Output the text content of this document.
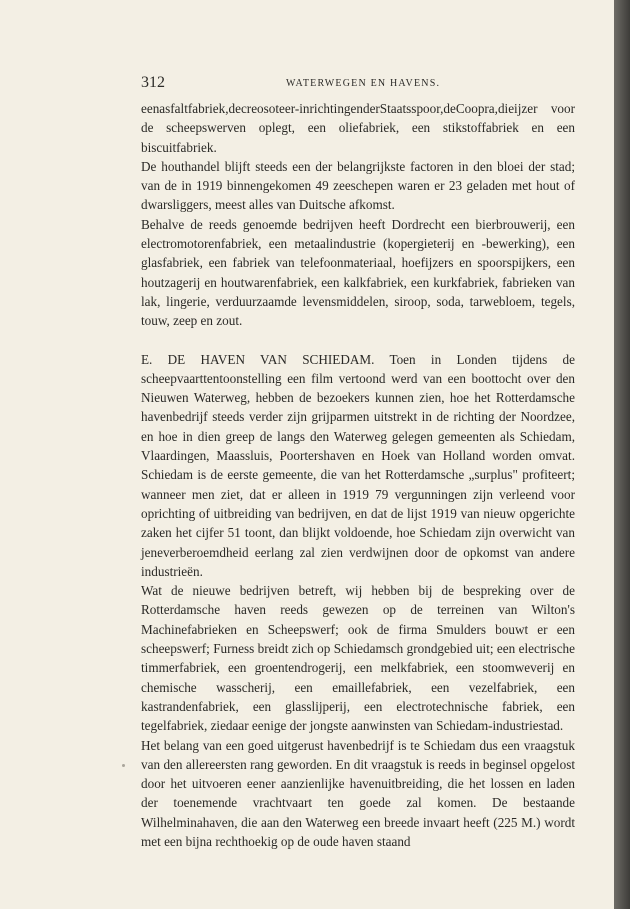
312	WATERWEGEN EN HAVENS.

eenasfaltfabriek,decreosoteer-inrichtingenderStaatsspoor,deCoopra,dieijzer voor de scheepswerven oplegt, een oliefabriek, een stikstoffabriek en een biscuitfabriek.

De houthandel blijft steeds een der belangrijkste factoren in den bloei der stad; van de in 1919 binnengekomen 49 zeeschepen waren er 23 geladen met hout of dwarsliggers, meest alles van Duitsche afkomst.

Behalve de reeds genoemde bedrijven heeft Dordrecht een bierbrouwerij, een electromotorenfabriek, een metaalindustrie (kopergieterij en -bewerking), een glasfabriek, een fabriek van telefoonmateriaal, hoefijzers en spoorspijkers, een houtzagerij en houtwarenfabriek, een kalkfabriek, een kurkfabriek, fabrieken van lak, lingerie, verduurzaamde levensmiddelen, siroop, soda, tarwebloem, tegels, touw, zeep en zout.

E. DE HAVEN VAN SCHIEDAM. Toen in Londen tijdens de scheepvaarttentoonstelling een film vertoond werd van een boottocht over den Nieuwen Waterweg, hebben de bezoekers kunnen zien, hoe het Rotterdamsche havenbedrijf steeds verder zijn grijparmen uitstrekt in de richting der Noordzee, en hoe in dien greep de langs den Waterweg gelegen gemeenten als Schiedam, Vlaardingen, Maassluis, Poortershaven en Hoek van Holland worden omvat. Schiedam is de eerste gemeente, die van het Rotterdamsche „surplus" profiteert; wanneer men ziet, dat er alleen in 1919 79 vergunningen zijn verleend voor oprichting of uitbreiding van bedrijven, en dat de lijst 1919 van nieuw opgerichte zaken het cijfer 51 toont, dan blijkt voldoende, hoe Schiedam zijn overwicht van jeneverberoemdheid eerlang zal zien verdwijnen door de opkomst van andere industrieën.

Wat de nieuwe bedrijven betreft, wij hebben bij de bespreking over de Rotterdamsche haven reeds gewezen op de terreinen van Wilton's Machinefabrieken en Scheepswerf; ook de firma Smulders bouwt er een scheepswerf; Furness breidt zich op Schiedamsch grondgebied uit; een electrische timmerfabriek, een groentendrogerij, een melkfabriek, een stoomweverij en chemische wasscherij, een emaillefabriek, een vezelfabriek, een kastrandenfabriek, een glasslijperij, een electrotechnische fabriek, een tegelfabriek, ziedaar eenige der jongste aanwinsten van Schiedam-industriestad.

Het belang van een goed uitgerust havenbedrijf is te Schiedam dus een vraagstuk van den allereersten rang geworden. En dit vraagstuk is reeds in beginsel opgelost door het uitvoeren eener aanzienlijke havenuitbreiding, die het lossen en laden der toenemende vrachtvaart ten goede zal komen. De bestaande Wilhelminahaven, die aan den Waterweg een breede invaart heeft (225 M.) wordt met een bijna rechthoekig op de oude haven staand
